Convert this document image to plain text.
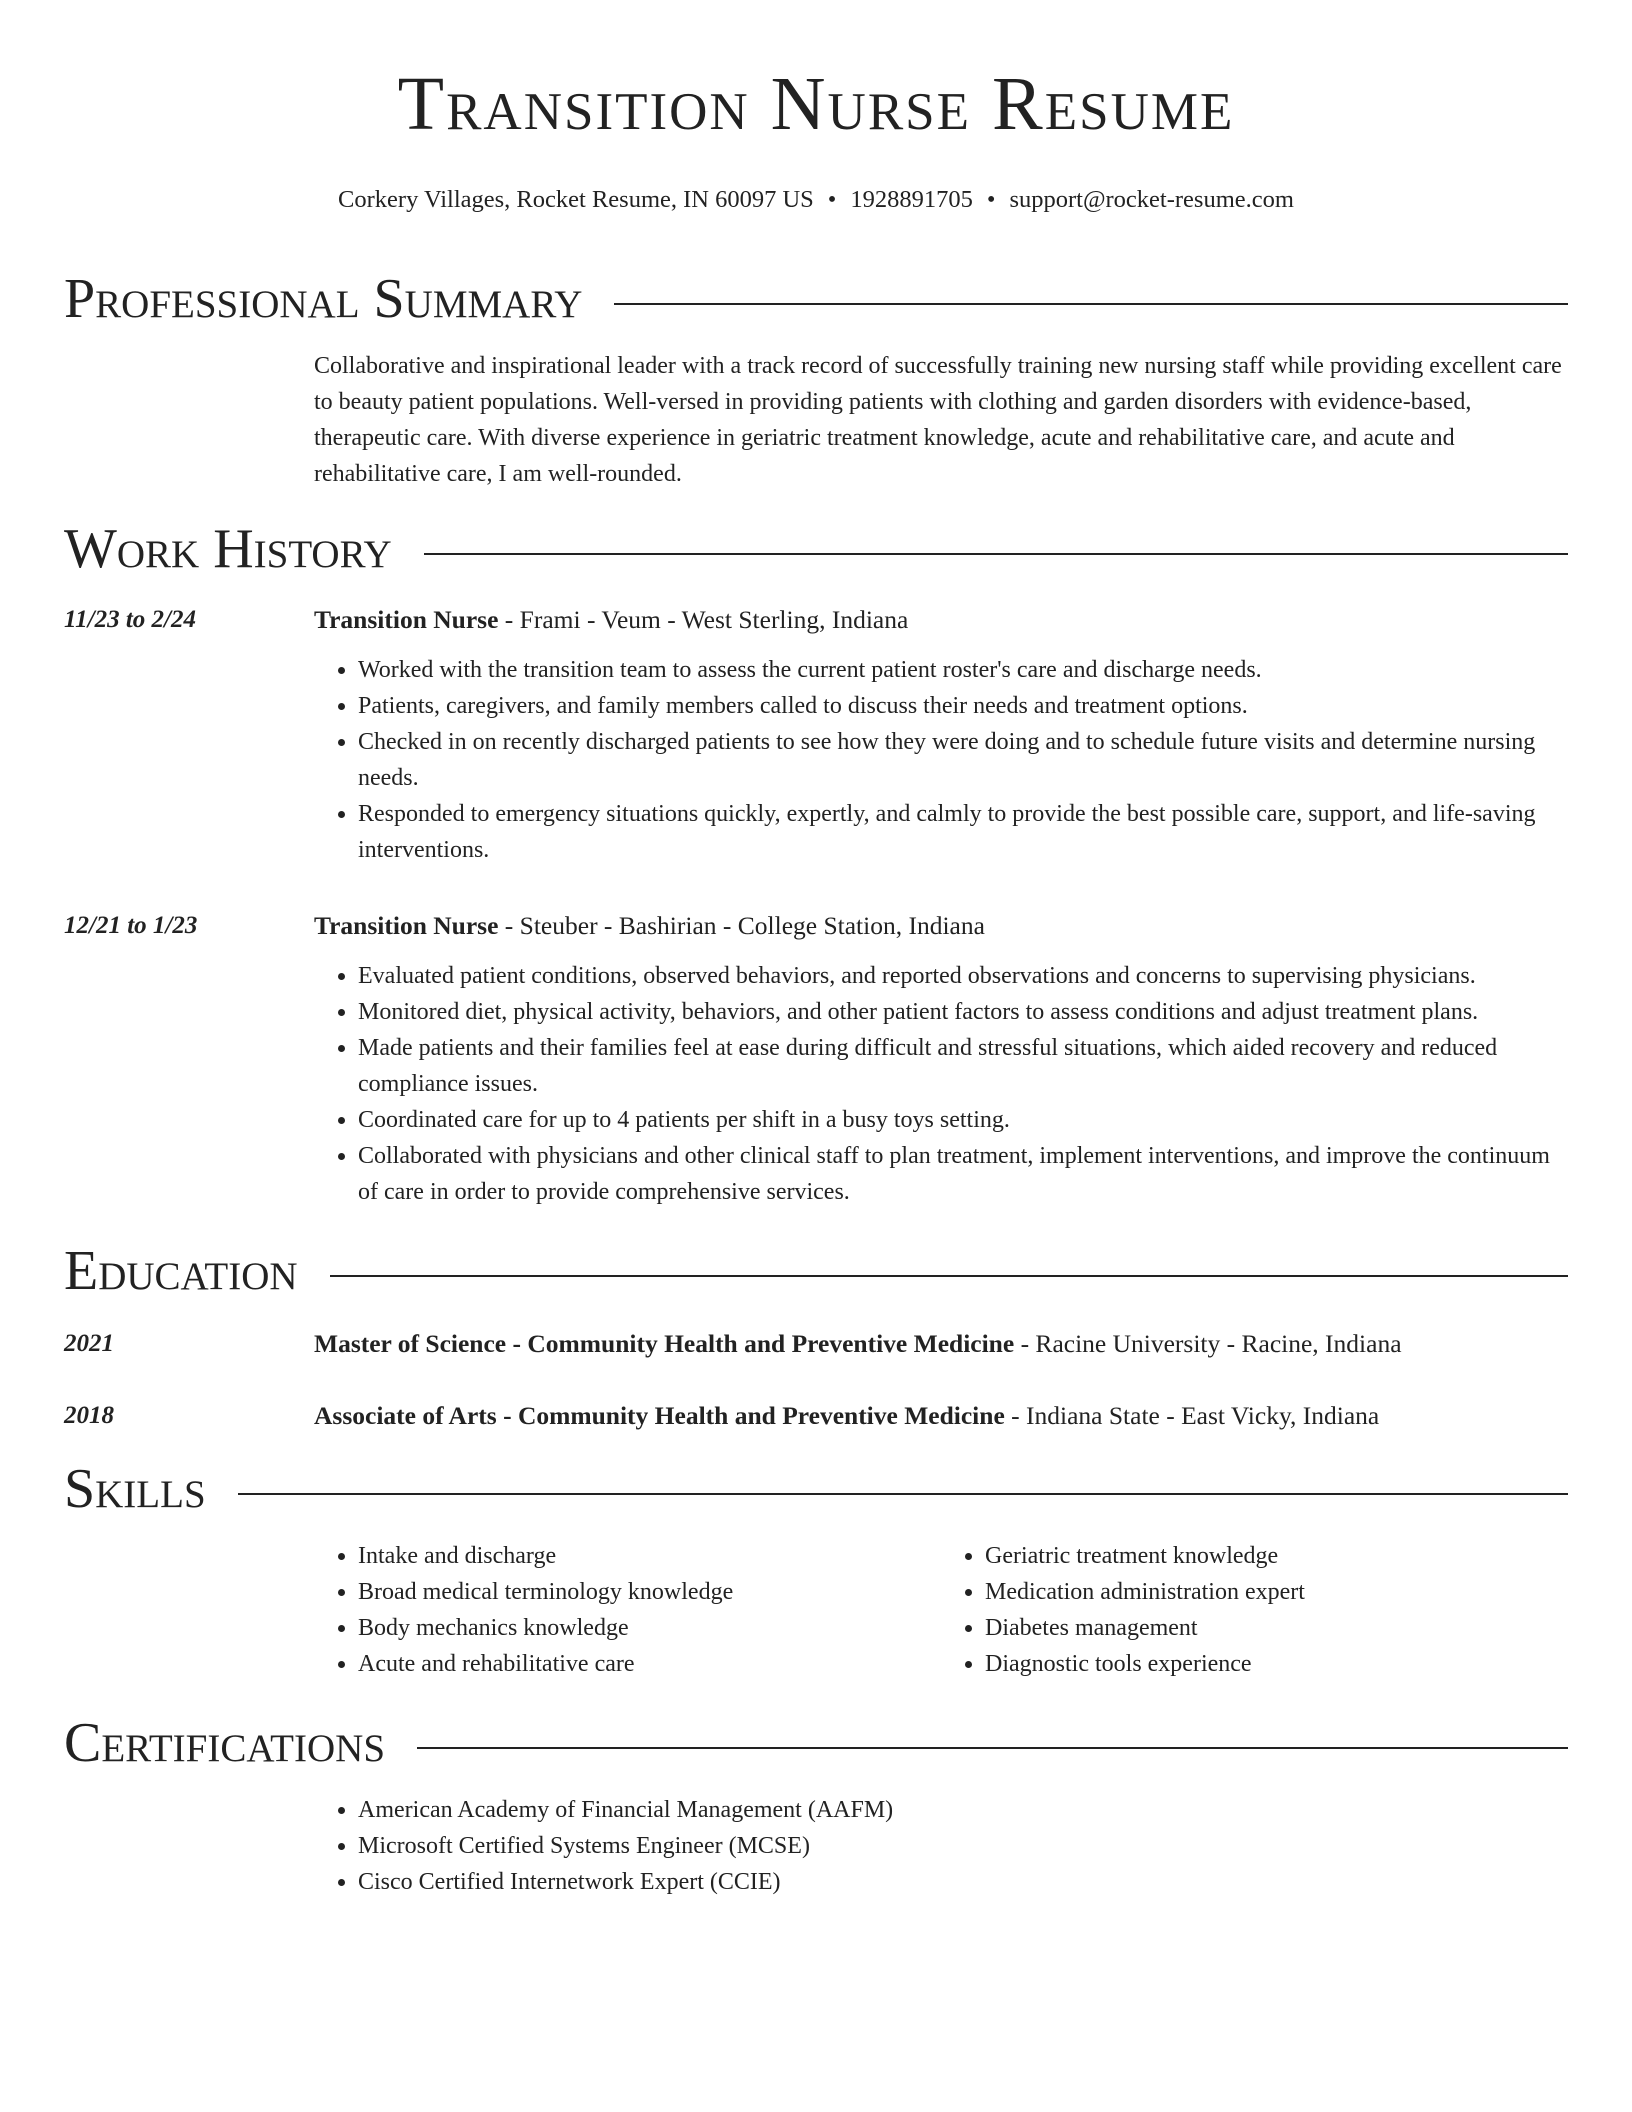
Transition Nurse Resume
Corkery Villages, Rocket Resume, IN 60097 US • 1928891705 • support@rocket-resume.com
Professional Summary

Collaborative and inspirational leader with a track record of successfully training new nursing staff while providing excellent care to beauty patient populations. Well-versed in providing patients with clothing and garden disorders with evidence-based, therapeutic care. With diverse experience in geriatric treatment knowledge, acute and rehabilitative care, and acute and rehabilitative care, I am well-rounded.

Work History
11/23 to 2/24	Transition Nurse - Frami - Veum - West Sterling, Indiana
• Worked with the transition team to assess the current patient roster's care and discharge needs.
• Patients, caregivers, and family members called to discuss their needs and treatment options.
• Checked in on recently discharged patients to see how they were doing and to schedule future visits and determine nursing needs.
• Responded to emergency situations quickly, expertly, and calmly to provide the best possible care, support, and life-saving interventions.
12/21 to 1/23	Transition Nurse - Steuber - Bashirian - College Station, Indiana
• Evaluated patient conditions, observed behaviors, and reported observations and concerns to supervising physicians.
• Monitored diet, physical activity, behaviors, and other patient factors to assess conditions and adjust treatment plans.
• Made patients and their families feel at ease during difficult and stressful situations, which aided recovery and reduced compliance issues.
• Coordinated care for up to 4 patients per shift in a busy toys setting.
• Collaborated with physicians and other clinical staff to plan treatment, implement interventions, and improve the continuum of care in order to provide comprehensive services.
Education
2021	Master of Science - Community Health and Preventive Medicine - Racine University - Racine, Indiana
2018	Associate of Arts - Community Health and Preventive Medicine - Indiana State - East Vicky, Indiana
Skills
• Intake and discharge
• Broad medical terminology knowledge
• Body mechanics knowledge
• Acute and rehabilitative care
• Geriatric treatment knowledge
• Medication administration expert
• Diabetes management
• Diagnostic tools experience
Certifications
• American Academy of Financial Management (AAFM)
• Microsoft Certified Systems Engineer (MCSE)
• Cisco Certified Internetwork Expert (CCIE)
